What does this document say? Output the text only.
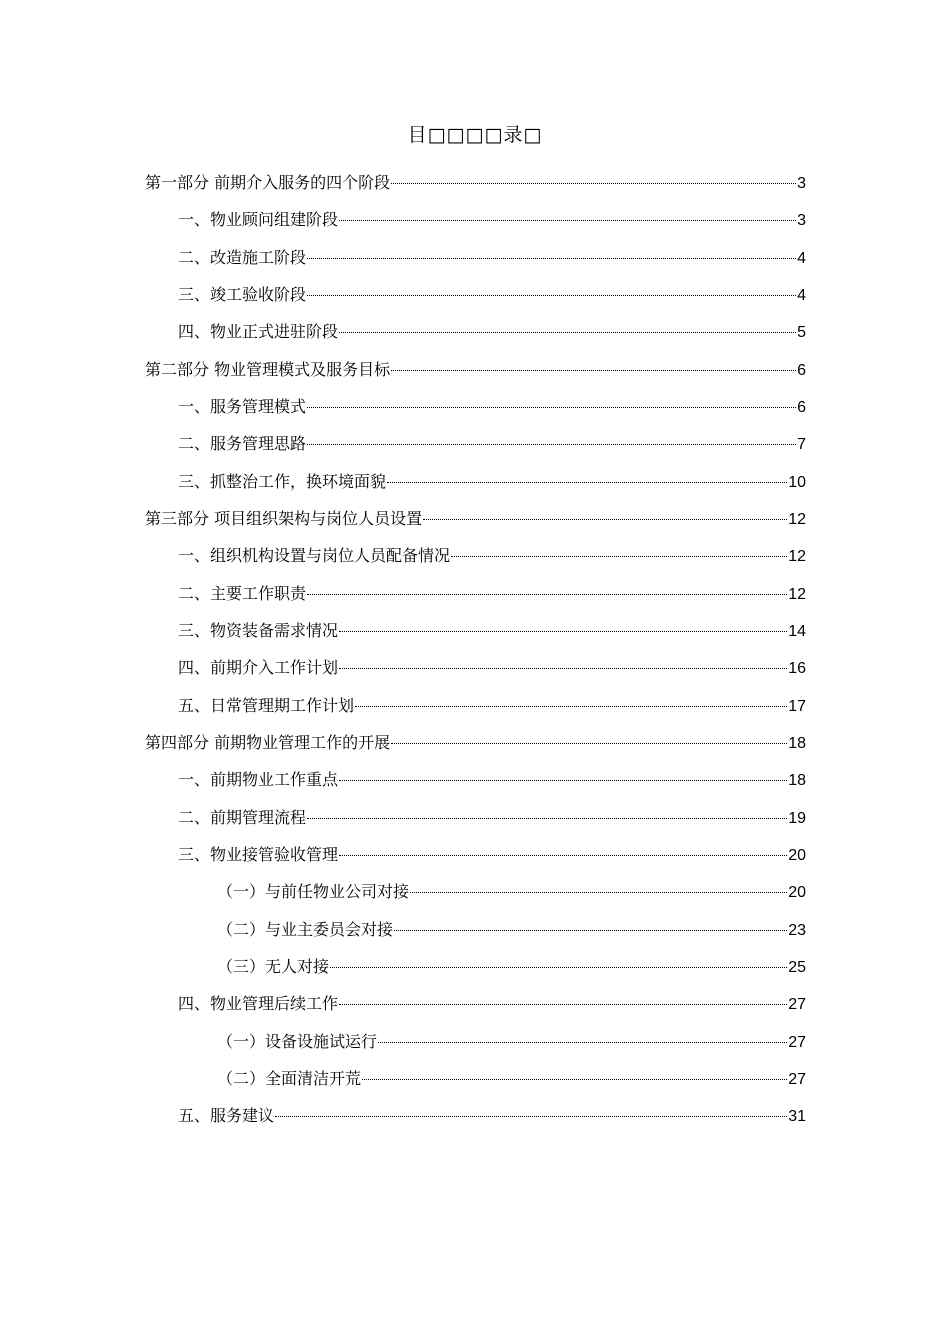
目□□□□录□
第一部分 前期介入服务的四个阶段	3
一、物业顾问组建阶段	3
二、改造施工阶段	4
三、竣工验收阶段	4
四、物业正式进驻阶段	5
第二部分 物业管理模式及服务目标	6
一、服务管理模式	6
二、服务管理思路	7
三、抓整治工作，换环境面貌	10
第三部分 项目组织架构与岗位人员设置	12
一、组织机构设置与岗位人员配备情况	12
二、主要工作职责	12
三、物资装备需求情况	14
四、前期介入工作计划	16
五、日常管理期工作计划	17
第四部分 前期物业管理工作的开展	18
一、前期物业工作重点	18
二、前期管理流程	19
三、物业接管验收管理	20
（一）与前任物业公司对接	20
（二）与业主委员会对接	23
（三）无人对接	25
四、物业管理后续工作	27
（一）设备设施试运行	27
（二）全面清洁开荒	27
五、服务建议	31
